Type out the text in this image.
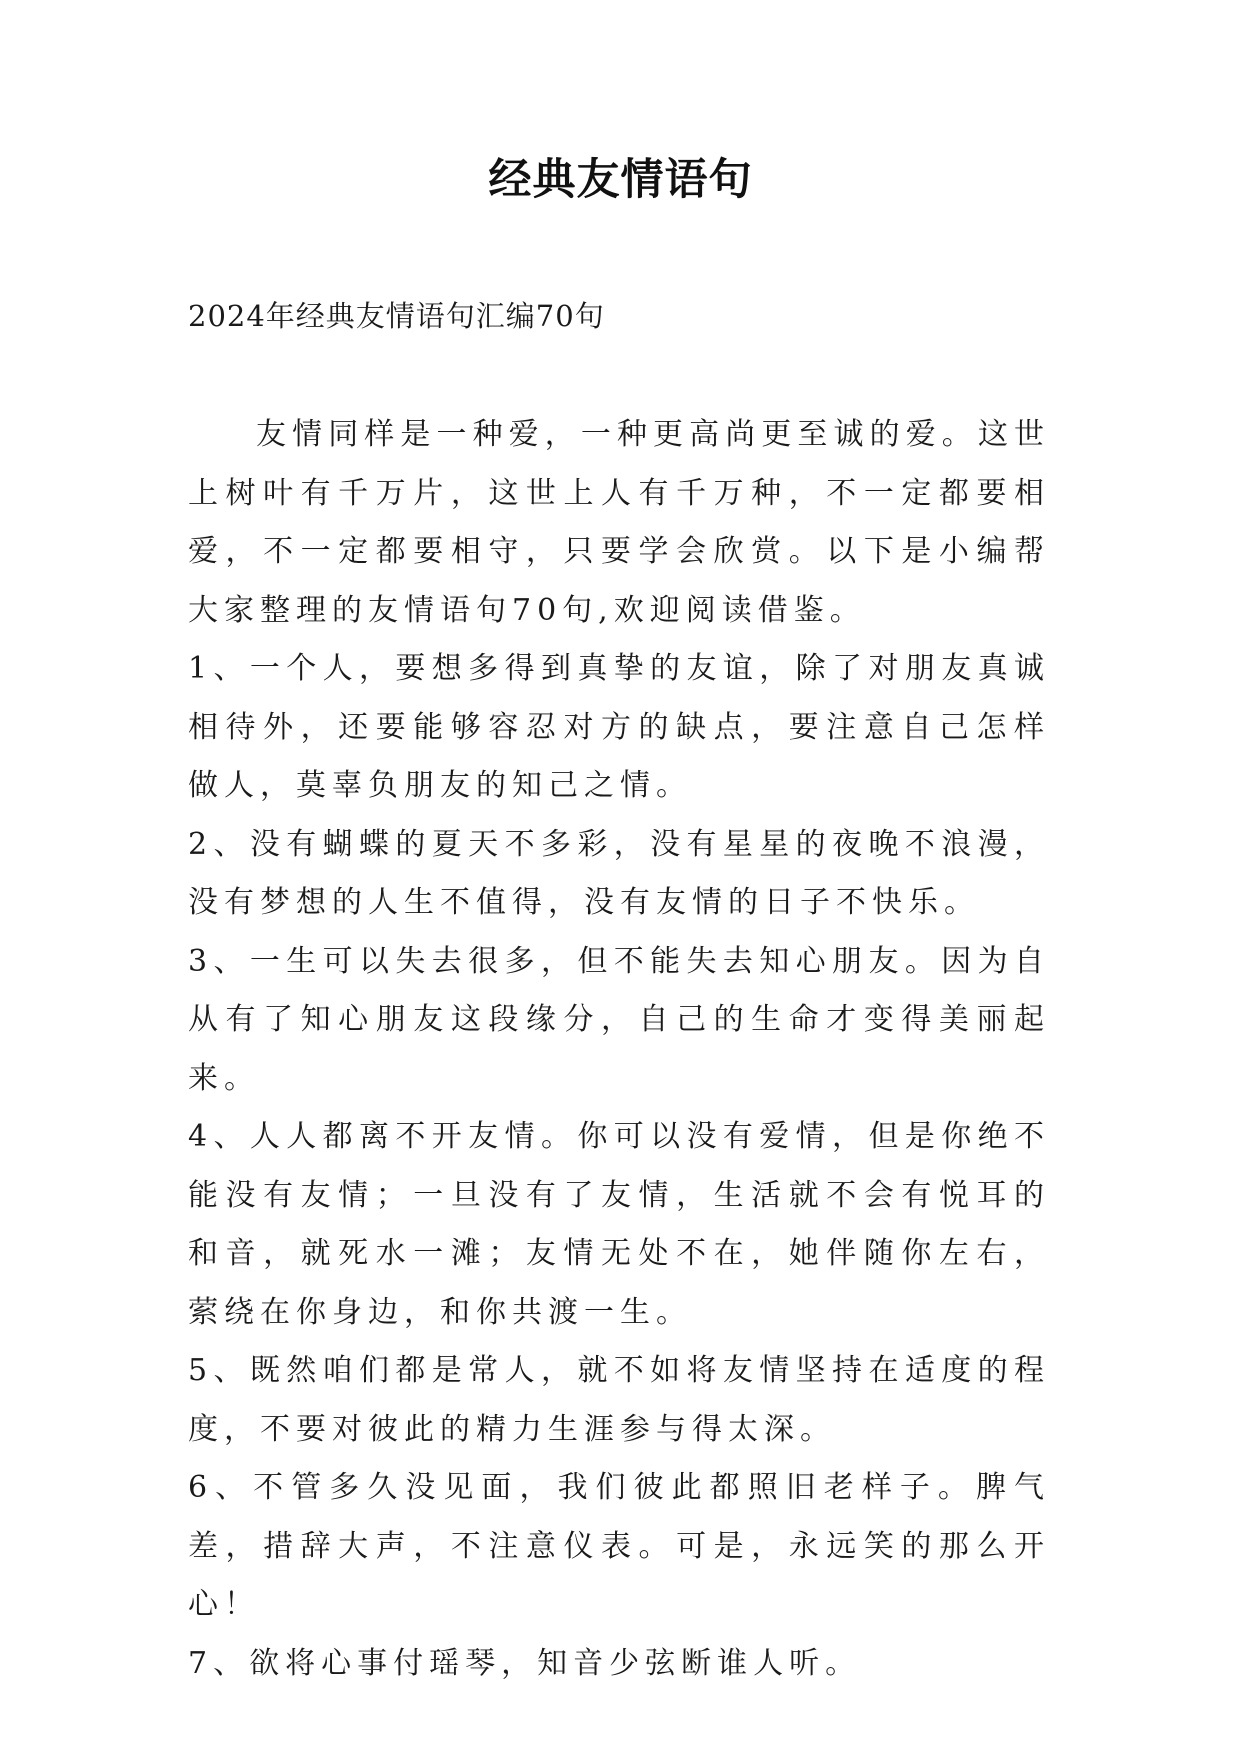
经典友情语句
2024年经典友情语句汇编70句

友情同样是一种爱，一种更高尚更至诚的爱。这世上树叶有千万片，这世上人有千万种，不一定都要相爱，不一定都要相守，只要学会欣赏。以下是小编帮大家整理的友情语句70句,欢迎阅读借鉴。

1、一个人，要想多得到真挚的友谊，除了对朋友真诚相待外，还要能够容忍对方的缺点，要注意自己怎样做人，莫辜负朋友的知己之情。

2、没有蝴蝶的夏天不多彩，没有星星的夜晚不浪漫，没有梦想的人生不值得，没有友情的日子不快乐。

3、一生可以失去很多，但不能失去知心朋友。因为自从有了知心朋友这段缘分，自己的生命才变得美丽起来。

4、人人都离不开友情。你可以没有爱情，但是你绝不能没有友情；一旦没有了友情，生活就不会有悦耳的和音，就死水一滩；友情无处不在，她伴随你左右，萦绕在你身边，和你共渡一生。

5、既然咱们都是常人，就不如将友情坚持在适度的程度，不要对彼此的精力生涯参与得太深。

6、不管多久没见面，我们彼此都照旧老样子。脾气差，措辞大声，不注意仪表。可是，永远笑的那么开心！

7、欲将心事付瑶琴，知音少弦断谁人听。
